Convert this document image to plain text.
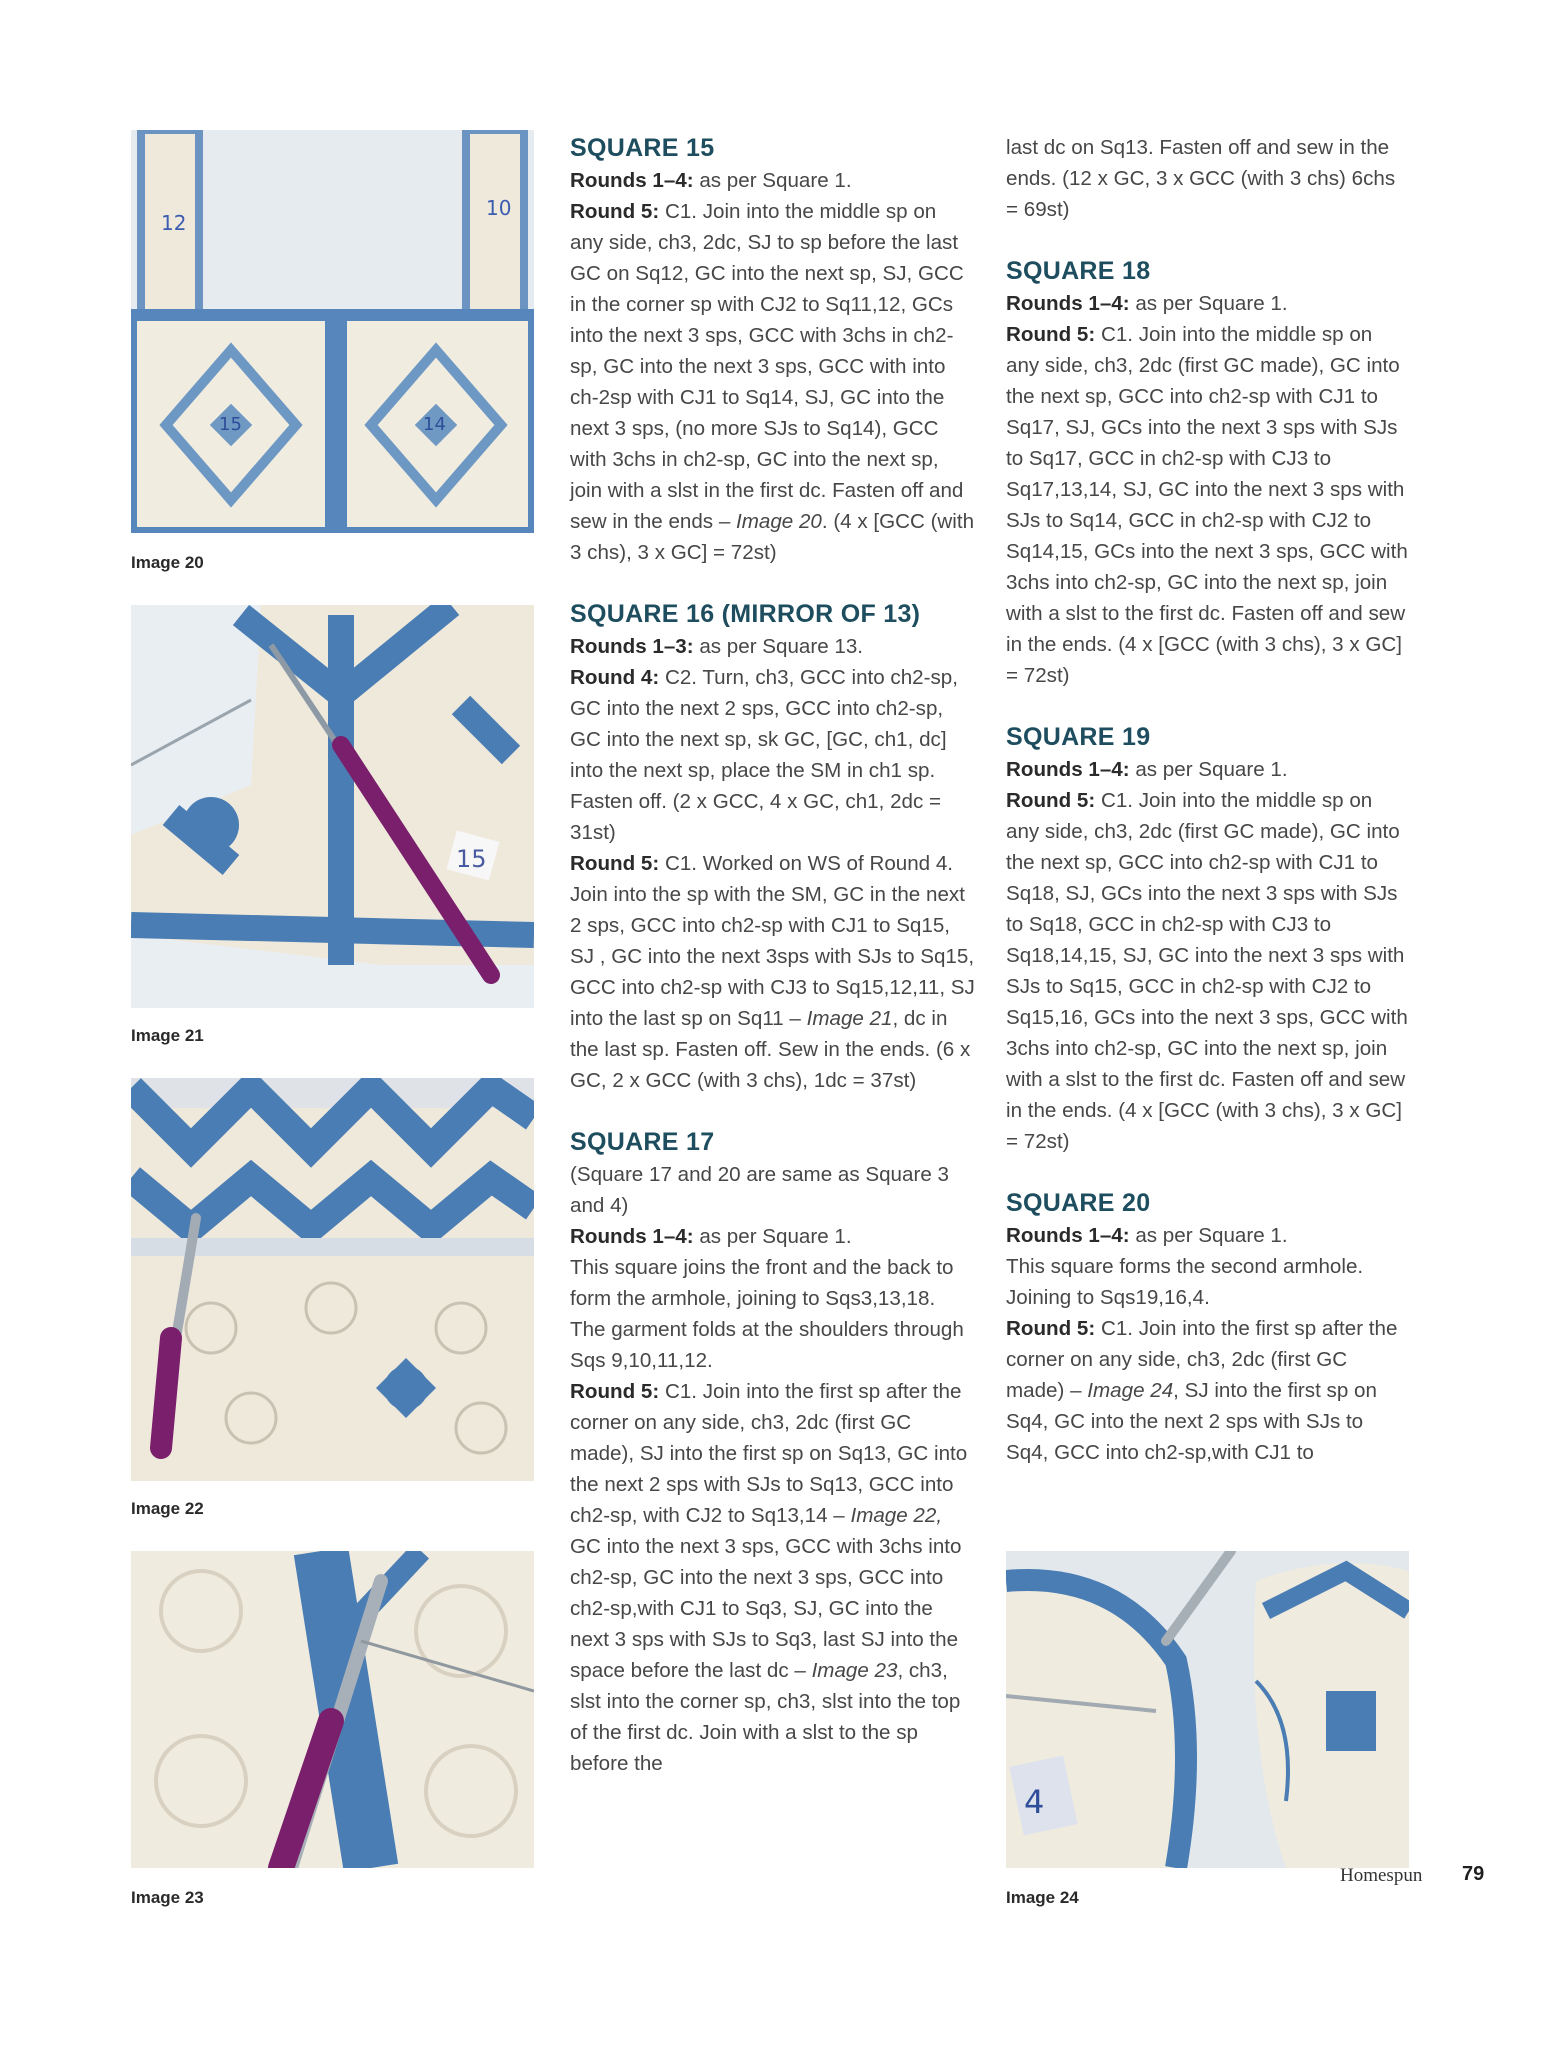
12
10
15	14
Image 20
15
Image 21
Image 22
Image 23
SQUARE 15

Rounds 1–4: as per Square 1.

Round 5: C1. Join into the middle sp on any side, ch3, 2dc, SJ to sp before the last GC on Sq12, GC into the next sp, SJ, GCC in the corner sp with CJ2 to Sq11,12, GCs into the next 3 sps, GCC with 3chs in ch2-sp, GC into the next 3 sps, GCC with into ch-2sp with CJ1 to Sq14, SJ, GC into the next 3 sps, (no more SJs to Sq14), GCC with 3chs in ch2-sp, GC into the next sp, join with a slst in the first dc. Fasten off and sew in the ends – Image 20. (4 x [GCC (with 3 chs), 3 x GC] = 72st)

SQUARE 16 (MIRROR OF 13)

Rounds 1–3: as per Square 13.

Round 4: C2. Turn, ch3, GCC into ch2-sp, GC into the next 2 sps, GCC into ch2-sp, GC into the next sp, sk GC, [GC, ch1, dc] into the next sp, place the SM in ch1 sp. Fasten off. (2 x GCC, 4 x GC, ch1, 2dc = 31st)

Round 5: C1. Worked on WS of Round 4. Join into the sp with the SM, GC in the next 2 sps, GCC into ch2-sp with CJ1 to Sq15, SJ , GC into the next 3sps with SJs to Sq15, GCC into ch2-sp with CJ3 to Sq15,12,11, SJ into the last sp on Sq11 – Image 21, dc in the last sp. Fasten off. Sew in the ends. (6 x GC, 2 x GCC (with 3 chs), 1dc = 37st)

SQUARE 17

(Square 17 and 20 are same as Square 3 and 4)

Rounds 1–4: as per Square 1.

This square joins the front and the back to form the armhole, joining to Sqs3,13,18. The garment folds at the shoulders through Sqs 9,10,11,12.

Round 5: C1. Join into the first sp after the corner on any side, ch3, 2dc (first GC made), SJ into the first sp on Sq13, GC into the next 2 sps with SJs to Sq13, GCC into ch2-sp, with CJ2 to Sq13,14 – Image 22, GC into the next 3 sps, GCC with 3chs into ch2-sp, GC into the next 3 sps, GCC into ch2-sp,with CJ1 to Sq3, SJ, GC into the next 3 sps with SJs to Sq3, last SJ into the space before the last dc – Image 23, ch3, slst into the corner sp, ch3, slst into the top of the first dc. Join with a slst to the sp before the

last dc on Sq13. Fasten off and sew in the ends. (12 x GC, 3 x GCC (with 3 chs) 6chs = 69st)

SQUARE 18

Rounds 1–4: as per Square 1.

Round 5: C1. Join into the middle sp on any side, ch3, 2dc (first GC made), GC into the next sp, GCC into ch2-sp with CJ1 to Sq17, SJ, GCs into the next 3 sps with SJs to Sq17, GCC in ch2-sp with CJ3 to Sq17,13,14, SJ, GC into the next 3 sps with SJs to Sq14, GCC in ch2-sp with CJ2 to Sq14,15, GCs into the next 3 sps, GCC with 3chs into ch2-sp, GC into the next sp, join with a slst to the first dc. Fasten off and sew in the ends. (4 x [GCC (with 3 chs), 3 x GC] = 72st)

SQUARE 19

Rounds 1–4: as per Square 1.

Round 5: C1. Join into the middle sp on any side, ch3, 2dc (first GC made), GC into the next sp, GCC into ch2-sp with CJ1 to Sq18, SJ, GCs into the next 3 sps with SJs to Sq18, GCC in ch2-sp with CJ3 to Sq18,14,15, SJ, GC into the next 3 sps with SJs to Sq15, GCC in ch2-sp with CJ2 to Sq15,16, GCs into the next 3 sps, GCC with 3chs into ch2-sp, GC into the next sp, join with a slst to the first dc. Fasten off and sew in the ends. (4 x [GCC (with 3 chs), 3 x GC] = 72st)

SQUARE 20

Rounds 1–4: as per Square 1.

This square forms the second armhole. Joining to Sqs19,16,4.

Round 5: C1. Join into the first sp after the corner on any side, ch3, 2dc (first GC made) – Image 24, SJ into the first sp on Sq4, GC into the next 2 sps with SJs to Sq4, GCC into ch2-sp,with CJ1 to

4
Image 24
Homespun 79
